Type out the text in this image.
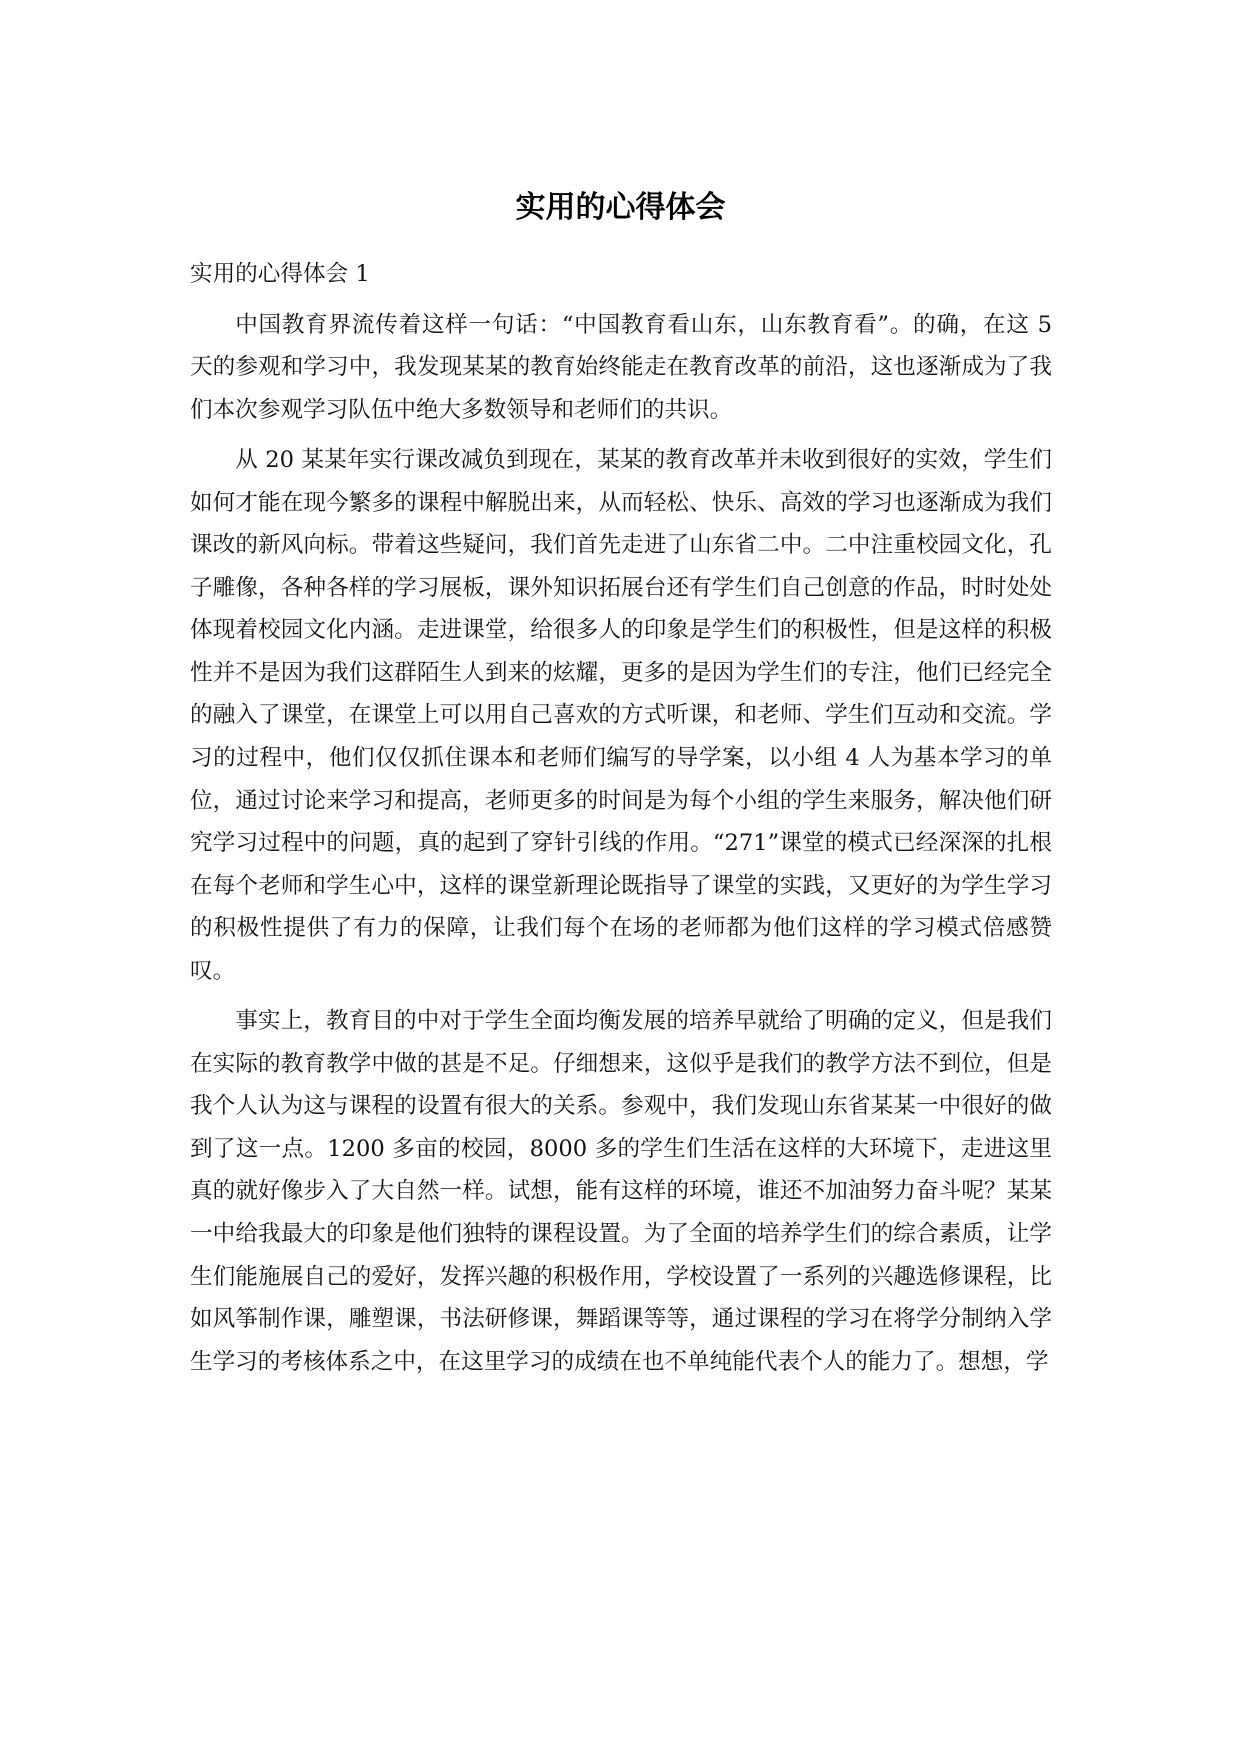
实用的心得体会

实用的心得体会 1

中国教育界流传着这样一句话：“中国教育看山东，山东教育看”。的确，在这 5 天的参观和学习中，我发现某某的教育始终能走在教育改革的前沿，这也逐渐成为了我们本次参观学习队伍中绝大多数领导和老师们的共识。

从 20 某某年实行课改减负到现在，某某的教育改革并未收到很好的实效，学生们如何才能在现今繁多的课程中解脱出来，从而轻松、快乐、高效的学习也逐渐成为我们课改的新风向标。带着这些疑问，我们首先走进了山东省二中。二中注重校园文化，孔子雕像，各种各样的学习展板，课外知识拓展台还有学生们自己创意的作品，时时处处体现着校园文化内涵。走进课堂，给很多人的印象是学生们的积极性，但是这样的积极性并不是因为我们这群陌生人到来的炫耀，更多的是因为学生们的专注，他们已经完全的融入了课堂，在课堂上可以用自己喜欢的方式听课，和老师、学生们互动和交流。学习的过程中，他们仅仅抓住课本和老师们编写的导学案，以小组 4 人为基本学习的单位，通过讨论来学习和提高，老师更多的时间是为每个小组的学生来服务，解决他们研究学习过程中的问题，真的起到了穿针引线的作用。“271”课堂的模式已经深深的扎根在每个老师和学生心中，这样的课堂新理论既指导了课堂的实践，又更好的为学生学习的积极性提供了有力的保障，让我们每个在场的老师都为他们这样的学习模式倍感赞叹。

事实上，教育目的中对于学生全面均衡发展的培养早就给了明确的定义，但是我们在实际的教育教学中做的甚是不足。仔细想来，这似乎是我们的教学方法不到位，但是我个人认为这与课程的设置有很大的关系。参观中，我们发现山东省某某一中很好的做到了这一点。1200 多亩的校园，8000 多的学生们生活在这样的大环境下，走进这里真的就好像步入了大自然一样。试想，能有这样的环境，谁还不加油努力奋斗呢？某某一中给我最大的印象是他们独特的课程设置。为了全面的培养学生们的综合素质，让学生们能施展自己的爱好，发挥兴趣的积极作用，学校设置了一系列的兴趣选修课程，比如风筝制作课，雕塑课，书法研修课，舞蹈课等等，通过课程的学习在将学分制纳入学生学习的考核体系之中，在这里学习的成绩在也不单纯能代表个人的能力了。想想，学
